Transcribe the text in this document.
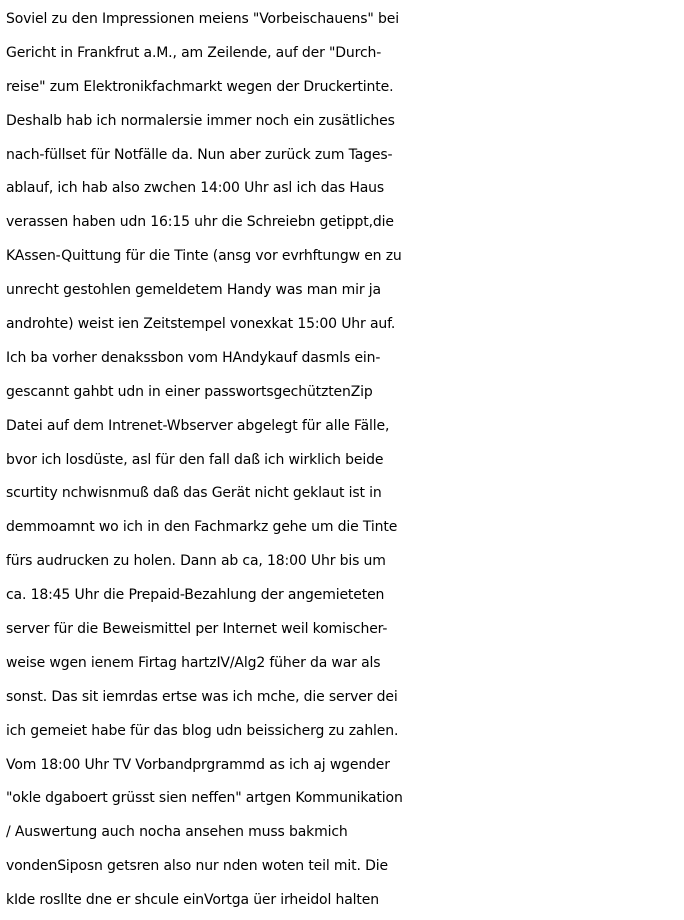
Soviel zu den Impressionen meiens "Vorbeischauens" bei
Gericht in Frankfrut a.M., am Zeilende, auf der "Durch-
reise" zum Elektronikfachmarkt wegen der Druckertinte.
Deshalb hab ich normalersie immer noch ein zusätliches
nach-füllset für Notfälle da. Nun aber zurück zum Tages-
ablauf, ich hab also zwchen 14:00 Uhr asl ich das Haus
verassen haben udn 16:15 uhr die Schreiebn getippt,die
KAssen-Quittung für die Tinte (ansg vor evrhftungw en zu
unrecht gestohlen gemeldetem Handy was man mir ja
androhte) weist ien Zeitstempel vonexkat 15:00 Uhr auf.
Ich ba vorher denakssbon vom HAndykauf dasmls ein-
gescannt gahbt udn in einer passwortsgechütztenZip
Datei auf dem Intrenet-Wbserver abgelegt für alle Fälle,
bvor ich losdüste, asl für den fall daß ich wirklich beide
scurtity nchwisnmuß daß das Gerät nicht geklaut ist in
demmoamnt wo ich in den Fachmarkz gehe um die Tinte
fürs audrucken zu holen. Dann ab ca, 18:00 Uhr bis um
ca. 18:45 Uhr die Prepaid-Bezahlung der angemieteten
server für die Beweismittel per Internet weil komischer-
weise wgen ienem Firtag hartzIV/Alg2 füher da war als
sonst. Das sit iemrdas ertse was ich mche, die server dei
ich gemeiet habe für das blog udn beissicherg zu zahlen.
Vom 18:00 Uhr TV Vorbandprgrammd as ich aj wgender
"okle dgaboert grüsst sien neffen" artgen Kommunikation
/ Auswertung auch nocha ansehen muss bakmich
vondenSiposn getsren also nur nden woten teil mit. Die
kIde rosllte dne er shcule einVortga üer irheidol halten
